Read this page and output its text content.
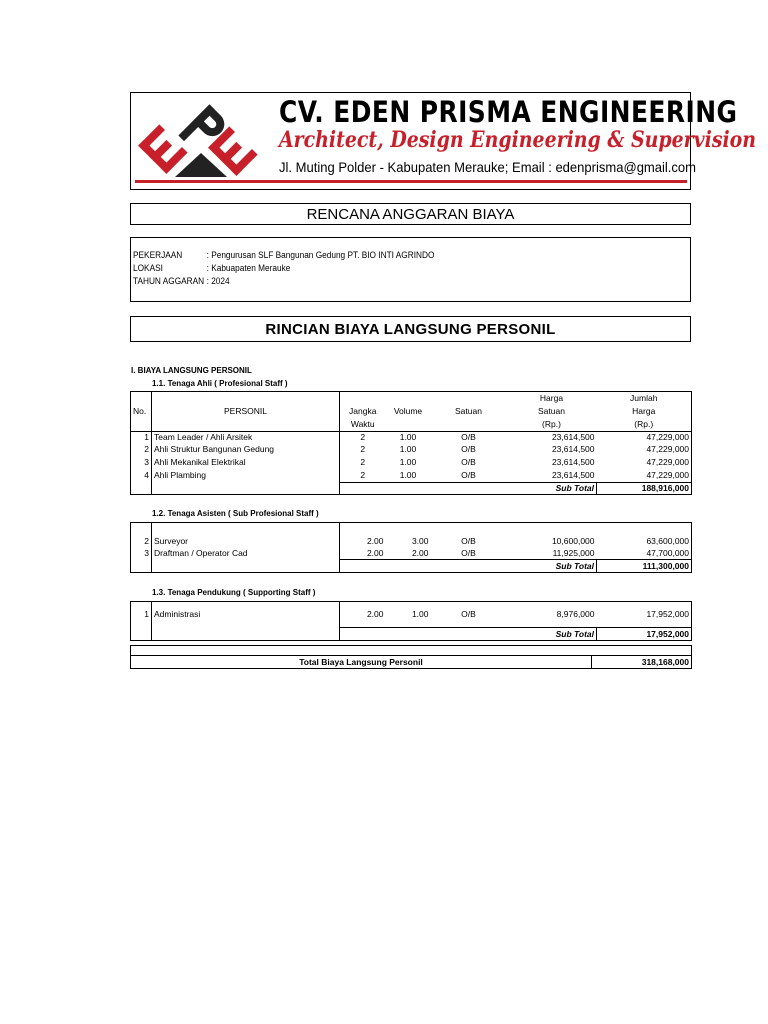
CV. EDEN PRISMA ENGINEERING
Architect, Design Engineering & Supervision
Jl. Muting Polder - Kabupaten Merauke; Email : edenprisma@gmail.com
RENCANA ANGGARAN BIAYA
PEKERJAAN	: Pengurusan SLF Bangunan Gedung PT. BIO INTI AGRINDO
LOKASI	: Kabuapaten Merauke
TAHUN AGGARAN : 2024
RINCIAN BIAYA LANGSUNG PERSONIL
I. BIAYA LANGSUNG PERSONIL
1.1. Tenaga Ahli ( Profesional Staff )
					Harga	Jumlah
No.	PERSONIL	Jangka	Volume	Satuan	Satuan	Harga
		Waktu			(Rp.)	(Rp.)
1	Team Leader / Ahli Arsitek	2	1.00	O/B	23,614,500	47,229,000
2	Ahli Struktur Bangunan Gedung	2	1.00	O/B	23,614,500	47,229,000
3	Ahli Mekanikal Elektrikal	2	1.00	O/B	23,614,500	47,229,000
4	Ahli Plambing	2	1.00	O/B	23,614,500	47,229,000
					Sub Total	188,916,000
1.2. Tenaga Asisten ( Sub Profesional Staff )

2	Surveyor	2.00	3.00	O/B	10,600,000	63,600,000
3	Draftman / Operator Cad	2.00	2.00	O/B	11,925,000	47,700,000
					Sub Total	111,300,000
1.3. Tenaga Pendukung ( Supporting Staff )
1	Administrasi	2.00	1.00	O/B	8,976,000	17,952,000
					Sub Total	17,952,000

Total Biaya Langsung Personil	318,168,000
